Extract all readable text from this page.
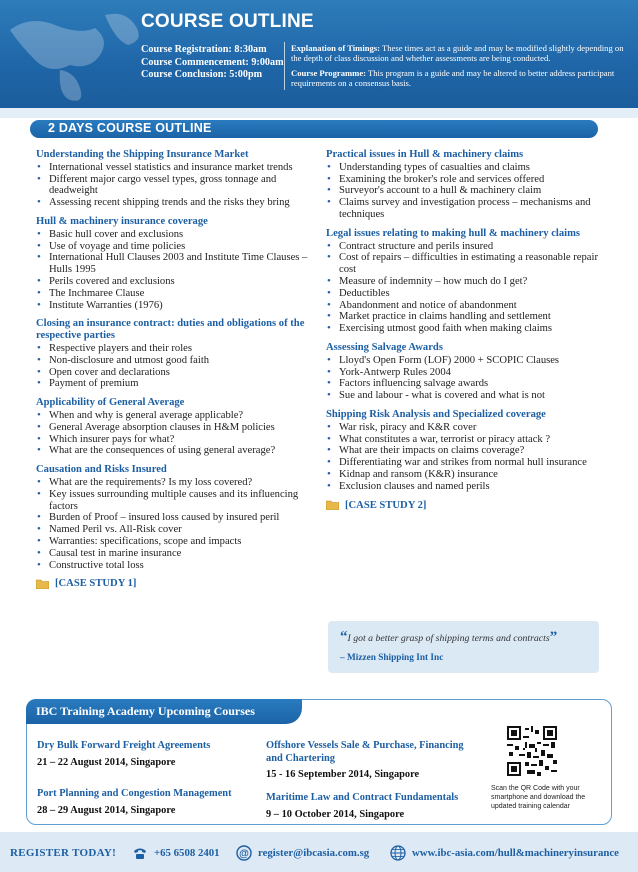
COURSE OUTLINE
Course Registration: 8:30am
Course Commencement: 9:00am
Course Conclusion: 5:00pm

Explanation of Timings: These times act as a guide and may be modified slightly depending on the depth of class discussion and whether assessments are being conducted.

Course Programme: This program is a guide and may be altered to better address participant requirements on a consensus basis.

2 DAYS COURSE OUTLINE
Understanding the Shipping Insurance Market
• International vessel statistics and insurance market trends
• Different major cargo vessel types, gross tonnage and deadweight
• Assessing recent shipping trends and the risks they bring
Hull & machinery insurance coverage
• Basic hull cover and exclusions
• Use of voyage and time policies
• International Hull Clauses 2003 and Institute Time Clauses – Hulls 1995
• Perils covered and exclusions
• The Inchmaree Clause
• Institute Warranties (1976)
Closing an insurance contract: duties and obligations of the respective parties
• Respective players and their roles
• Non-disclosure and utmost good faith
• Open cover and declarations
• Payment of premium
Applicability of General Average
• When and why is general average applicable?
• General Average absorption clauses in H&M policies
• Which insurer pays for what?
• What are the consequences of using general average?
Causation and Risks Insured
• What are the requirements? Is my loss covered?
• Key issues surrounding multiple causes and its influencing factors
• Burden of Proof – insured loss caused by insured peril
• Named Peril vs. All-Risk cover
• Warranties: specifications, scope and impacts
• Causal test in marine insurance
• Constructive total loss
[CASE STUDY 1]
Practical issues in Hull & machinery claims
• Understanding types of casualties and claims
• Examining the broker's role and services offered
• Surveyor's account to a hull & machinery claim
• Claims survey and investigation process – mechanisms and techniques
Legal issues relating to making hull & machinery claims
• Contract structure and perils insured
• Cost of repairs – difficulties in estimating a reasonable repair cost
• Measure of indemnity – how much do I get?
• Deductibles
• Abandonment and notice of abandonment
• Market practice in claims handling and settlement
• Exercising utmost good faith when making claims
Assessing Salvage Awards
• Lloyd's Open Form (LOF) 2000 + SCOPIC Clauses
• York-Antwerp Rules 2004
• Factors influencing salvage awards
• Sue and labour - what is covered and what is not
Shipping Risk Analysis and Specialized coverage
• War risk, piracy and K&R cover
• What constitutes a war, terrorist or piracy attack ?
• What are their impacts on claims coverage?
• Differentiating war and strikes from normal hull insurance
• Kidnap and ransom (K&R) insurance
• Exclusion clauses and named perils
[CASE STUDY 2]
“I got a better grasp of shipping terms and contracts”
– Mizzen Shipping Int Inc
IBC Training Academy Upcoming Courses
Dry Bulk Forward Freight Agreements
21 – 22 August 2014, Singapore
Port Planning and Congestion Management
28 – 29 August 2014, Singapore
Offshore Vessels Sale & Purchase, Financing and Chartering
15 - 16 September 2014, Singapore
Maritime Law and Contract Fundamentals
9 – 10 October 2014, Singapore
Scan the QR Code with your smartphone and download the updated training calendar
REGISTER TODAY!	+65 6508 2401 @ register@ibcasia.com.sg	www.ibc-asia.com/hull&machineryinsurance
